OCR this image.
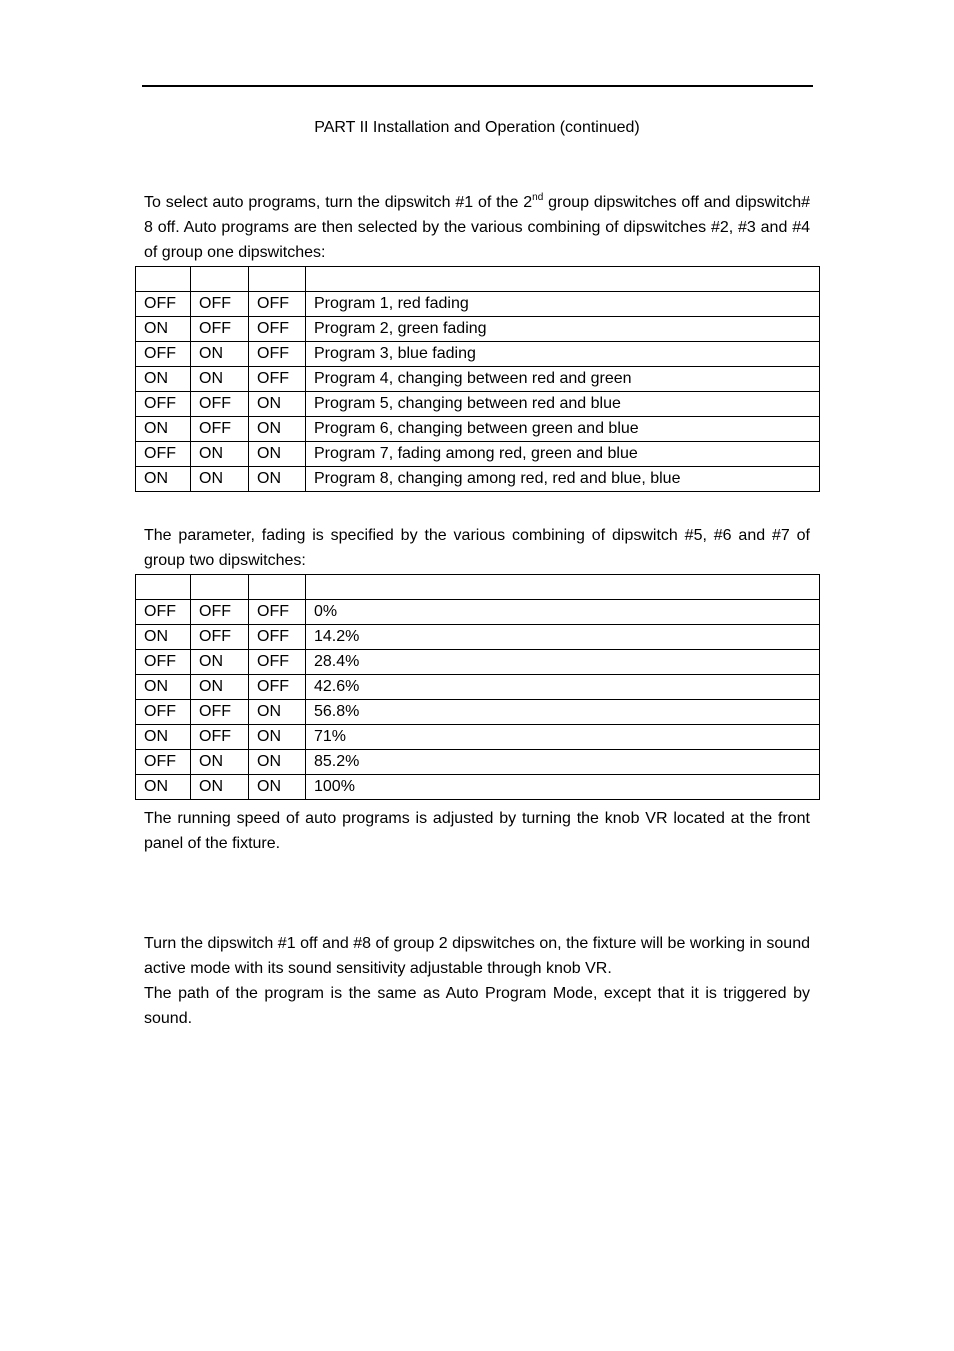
PART II Installation and Operation (continued)

To select auto programs, turn the dipswitch #1 of the 2nd group dipswitches off and dipswitch# 8 off. Auto programs are then selected by the various combining of dipswitches #2, #3 and #4 of group one dipswitches:

OFF	OFF	OFF	Program 1, red fading
ON	OFF	OFF	Program 2, green fading
OFF	ON	OFF	Program 3, blue fading
ON	ON	OFF	Program 4, changing between red and green
OFF	OFF	ON	Program 5, changing between red and blue
ON	OFF	ON	Program 6, changing between green and blue
OFF	ON	ON	Program 7, fading among red, green and blue
ON	ON	ON	Program 8, changing among red, red and blue, blue

The parameter, fading is specified by the various combining of dipswitch #5, #6 and #7 of group two dipswitches:

OFF	OFF	OFF	0%
ON	OFF	OFF	14.2%
OFF	ON	OFF	28.4%
ON	ON	OFF	42.6%
OFF	OFF	ON	56.8%
ON	OFF	ON	71%
OFF	ON	ON	85.2%
ON	ON	ON	100%

The running speed of auto programs is adjusted by turning the knob VR located at the front panel of the fixture.

Turn the dipswitch #1 off and #8 of group 2 dipswitches on, the fixture will be working in sound active mode with its sound sensitivity adjustable through knob VR.

The path of the program is the same as Auto Program Mode, except that it is triggered by sound.
